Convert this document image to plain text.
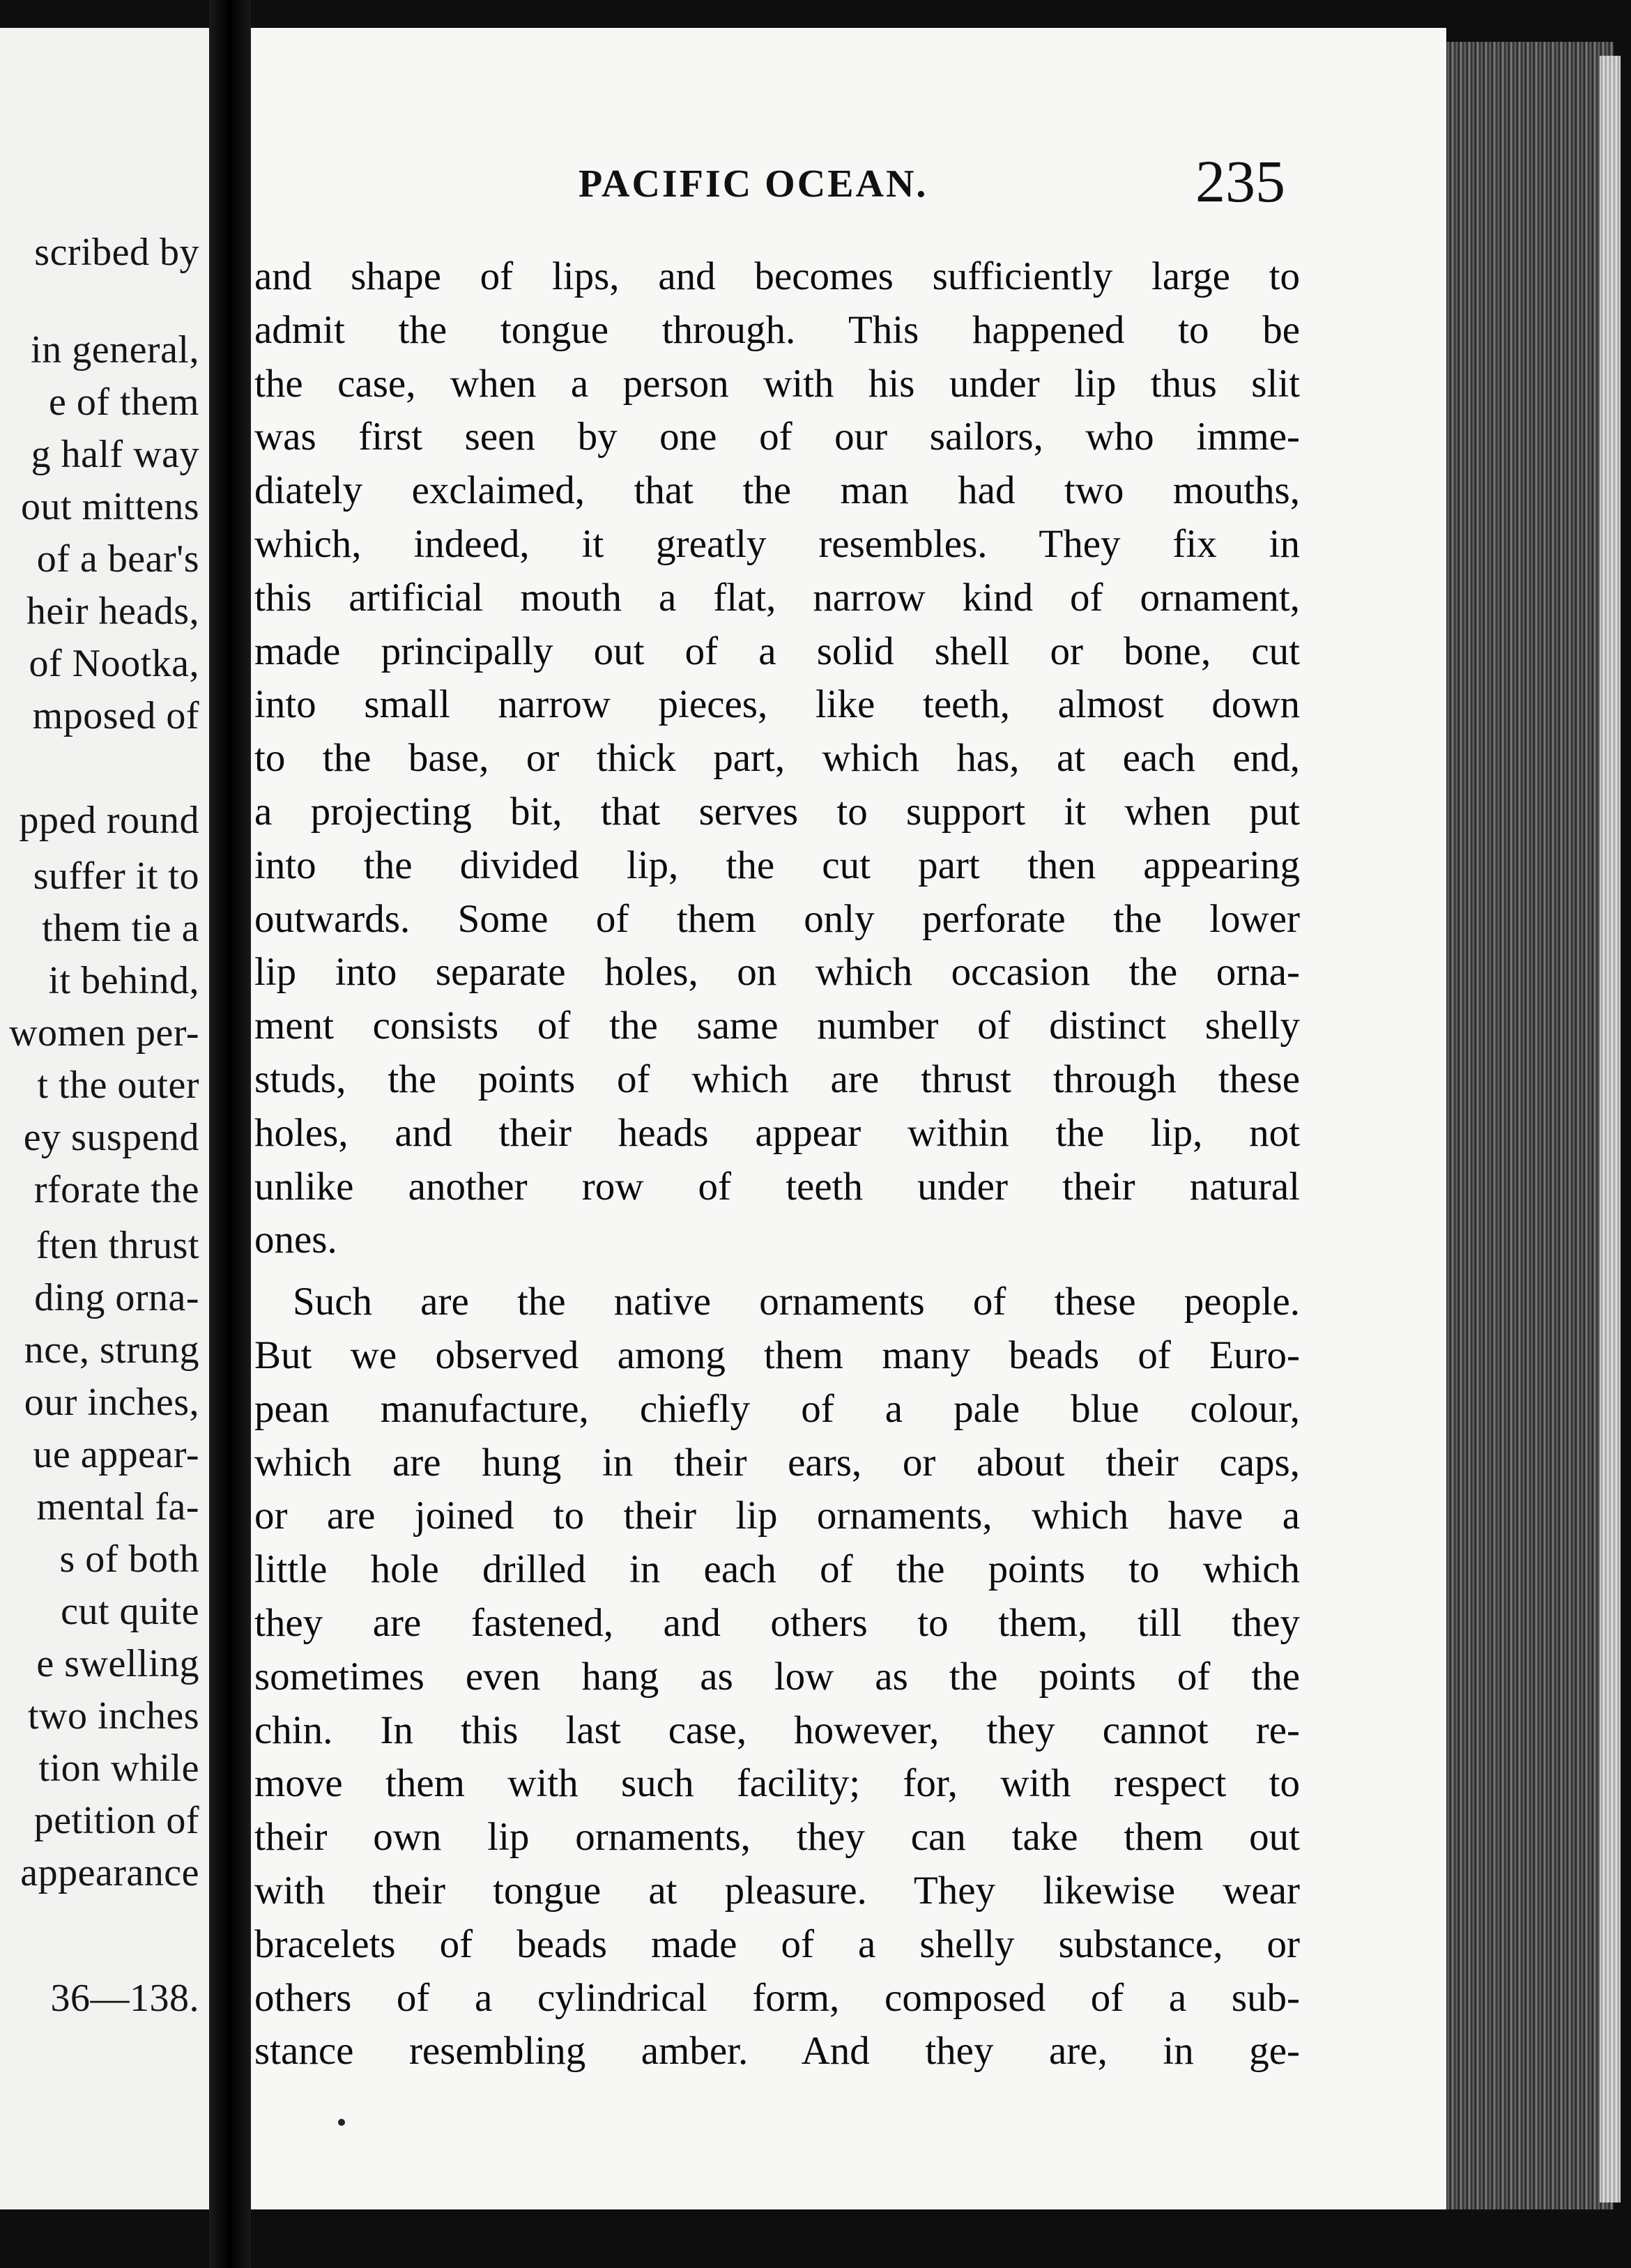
scribed by
in general,
e of them
g half way
out mittens
of a bear's
heir heads,
of Nootka,
mposed of
pped round
suffer it to
them tie a
it behind,
women per-
t the outer
ey suspend
rforate the
ften thrust
ding orna-
nce, strung
our inches,
ue appear-
mental fa-
s of both
cut quite
e swelling
two inches
tion while
petition of
appearance
36—138.
PACIFIC OCEAN.	235
and shape of lips, and becomes sufficiently large to
admit the tongue through. This happened to be
the case, when a person with his under lip thus slit
was first seen by one of our sailors, who imme-
diately exclaimed, that the man had two mouths,
which, indeed, it greatly resembles. They fix in
this artificial mouth a flat, narrow kind of ornament,
made principally out of a solid shell or bone, cut
into small narrow pieces, like teeth, almost down
to the base, or thick part, which has, at each end,
a projecting bit, that serves to support it when put
into the divided lip, the cut part then appearing
outwards. Some of them only perforate the lower
lip into separate holes, on which occasion the orna-
ment consists of the same number of distinct shelly
studs, the points of which are thrust through these
holes, and their heads appear within the lip, not
unlike another row of teeth under their natural
ones.
Such are the native ornaments of these people.
But we observed among them many beads of Euro-
pean manufacture, chiefly of a pale blue colour,
which are hung in their ears, or about their caps,
or are joined to their lip ornaments, which have a
little hole drilled in each of the points to which
they are fastened, and others to them, till they
sometimes even hang as low as the points of the
chin. In this last case, however, they cannot re-
move them with such facility; for, with respect to
their own lip ornaments, they can take them out
with their tongue at pleasure. They likewise wear
bracelets of beads made of a shelly substance, or
others of a cylindrical form, composed of a sub-
stance resembling amber. And they are, in ge-
